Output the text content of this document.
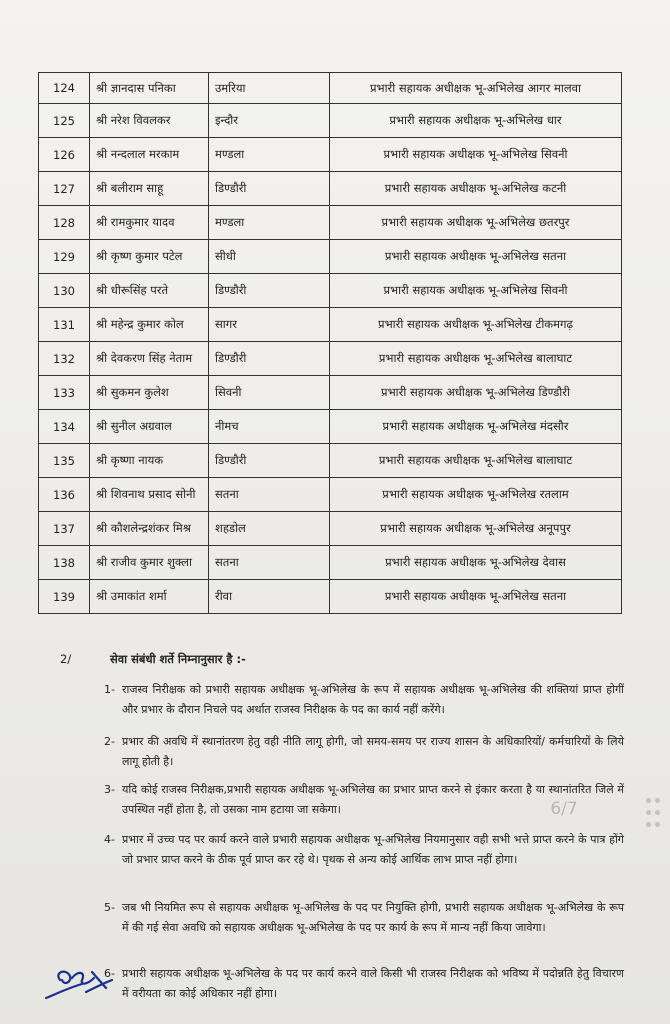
124	श्री ज्ञानदास पनिका	उमरिया	प्रभारी सहायक अधीक्षक भू-अभिलेख आगर मालवा
125	श्री नरेश विवलकर	इन्दौर	प्रभारी सहायक अधीक्षक भू-अभिलेख धार
126	श्री नन्दलाल मरकाम	मण्डला	प्रभारी सहायक अधीक्षक भू-अभिलेख सिवनी
127	श्री बलीराम साहू	डिण्डौरी	प्रभारी सहायक अधीक्षक भू-अभिलेख कटनी
128	श्री रामकुमार यादव	मण्डला	प्रभारी सहायक अधीक्षक भू-अभिलेख छतरपुर
129	श्री कृष्ण कुमार पटेल	सीधी	प्रभारी सहायक अधीक्षक भू-अभिलेख सतना
130	श्री धीरूसिंह परते	डिण्डौरी	प्रभारी सहायक अधीक्षक भू-अभिलेख सिवनी
131	श्री महेन्द्र कुमार कोल	सागर	प्रभारी सहायक अधीक्षक भू-अभिलेख टीकमगढ़
132	श्री देवकरण सिंह नेताम	डिण्डौरी	प्रभारी सहायक अधीक्षक भू-अभिलेख बालाघाट
133	श्री सुकमन कुलेश	सिवनी	प्रभारी सहायक अधीक्षक भू-अभिलेख डिण्डौरी
134	श्री सुनील अग्रवाल	नीमच	प्रभारी सहायक अधीक्षक भू-अभिलेख मंदसौर
135	श्री कृष्णा नायक	डिण्डौरी	प्रभारी सहायक अधीक्षक भू-अभिलेख बालाघाट
136	श्री शिवनाथ प्रसाद सोनी	सतना	प्रभारी सहायक अधीक्षक भू-अभिलेख रतलाम
137	श्री कौशलेन्द्रशंकर मिश्र	शहडोल	प्रभारी सहायक अधीक्षक भू-अभिलेख अनूपपुर
138	श्री राजीव कुमार शुक्ला	सतना	प्रभारी सहायक अधीक्षक भू-अभिलेख देवास
139	श्री उमाकांत शर्मा	रीवा	प्रभारी सहायक अधीक्षक भू-अभिलेख सतना
2/	सेवा संबंधी शर्ते निम्नानुसार है :-
1- राजस्व निरीक्षक को प्रभारी सहायक अधीक्षक भू-अभिलेख के रूप में सहायक अधीक्षक भू-अभिलेख की शक्तियां प्राप्त होगीं और प्रभार के दौरान निचले पद अर्थात राजस्व निरीक्षक के पद का कार्य नहीं करेंगे।
2- प्रभार की अवधि में स्थानांतरण हेतु वही नीति लागू होगी, जो समय-समय पर राज्य शासन के अधिकारियों/ कर्मचारियों के लिये लागू होती है।
3- यदि कोई राजस्व निरीक्षक,प्रभारी सहायक अधीक्षक भू-अभिलेख का प्रभार प्राप्त करने से इंकार करता है या स्थानांतरित जिले में उपस्थित नहीं होता है, तो उसका नाम हटाया जा सकेगा।
4- प्रभार में उच्च पद पर कार्य करने वाले प्रभारी सहायक अधीक्षक भू-अभिलेख नियमानुसार वही सभी भत्ते प्राप्त करने के पात्र होंगे जो प्रभार प्राप्त करने के ठीक पूर्व प्राप्त कर रहे थे। पृथक से अन्य कोई आर्थिक लाभ प्राप्त नहीं होगा।
5- जब भी नियमित रूप से सहायक अधीक्षक भू-अभिलेख के पद पर नियुक्ति होगी, प्रभारी सहायक अधीक्षक भू-अभिलेख के रूप में की गई सेवा अवधि को सहायक अधीक्षक भू-अभिलेख के पद पर कार्य के रूप में मान्य नहीं किया जावेगा।
6- प्रभारी सहायक अधीक्षक भू-अभिलेख के पद पर कार्य करने वाले किसी भी राजस्व निरीक्षक को भविष्य में पदोन्नति हेतु विचारण में वरीयता का कोई अधिकार नहीं होगा।
6/7
